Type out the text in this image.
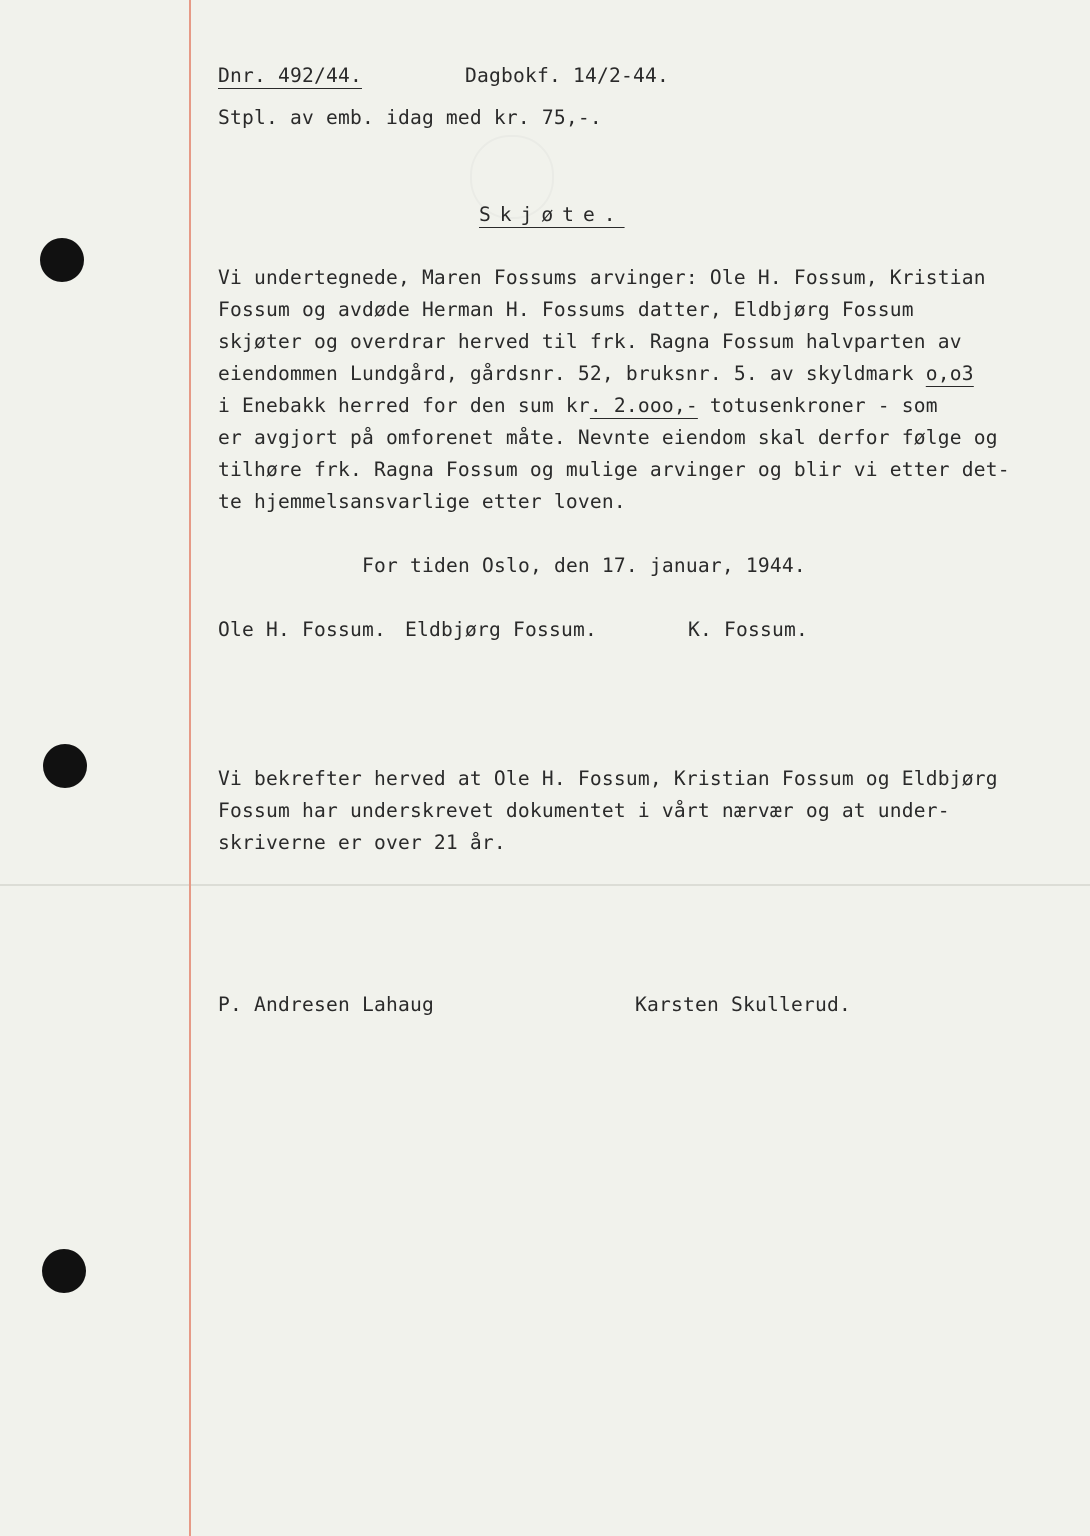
Dnr. 492/44.	Dagbokf. 14/2-44.
Stpl. av emb. idag med kr. 75,-.
Skjøte.
Vi undertegnede, Maren Fossums arvinger: Ole H. Fossum, Kristian
Fossum og avdøde Herman H. Fossums datter, Eldbjørg Fossum
skjøter og overdrar herved til frk. Ragna Fossum halvparten av
eiendommen Lundgård, gårdsnr. 52, bruksnr. 5. av skyldmark o,o3
i Enebakk herred for den sum kr. 2.ooo,- totusenkroner - som
er avgjort på omforenet måte. Nevnte eiendom skal derfor følge og
tilhøre frk. Ragna Fossum og mulige arvinger og blir vi etter det-
te hjemmelsansvarlige etter loven.
For tiden Oslo, den 17. januar, 1944.
Ole H. Fossum. Eldbjørg Fossum.	K. Fossum.
Vi bekrefter herved at Ole H. Fossum, Kristian Fossum og Eldbjørg
Fossum har underskrevet dokumentet i vårt nærvær og at under-
skriverne er over 21 år.
P. Andresen Lahaug	Karsten Skullerud.
